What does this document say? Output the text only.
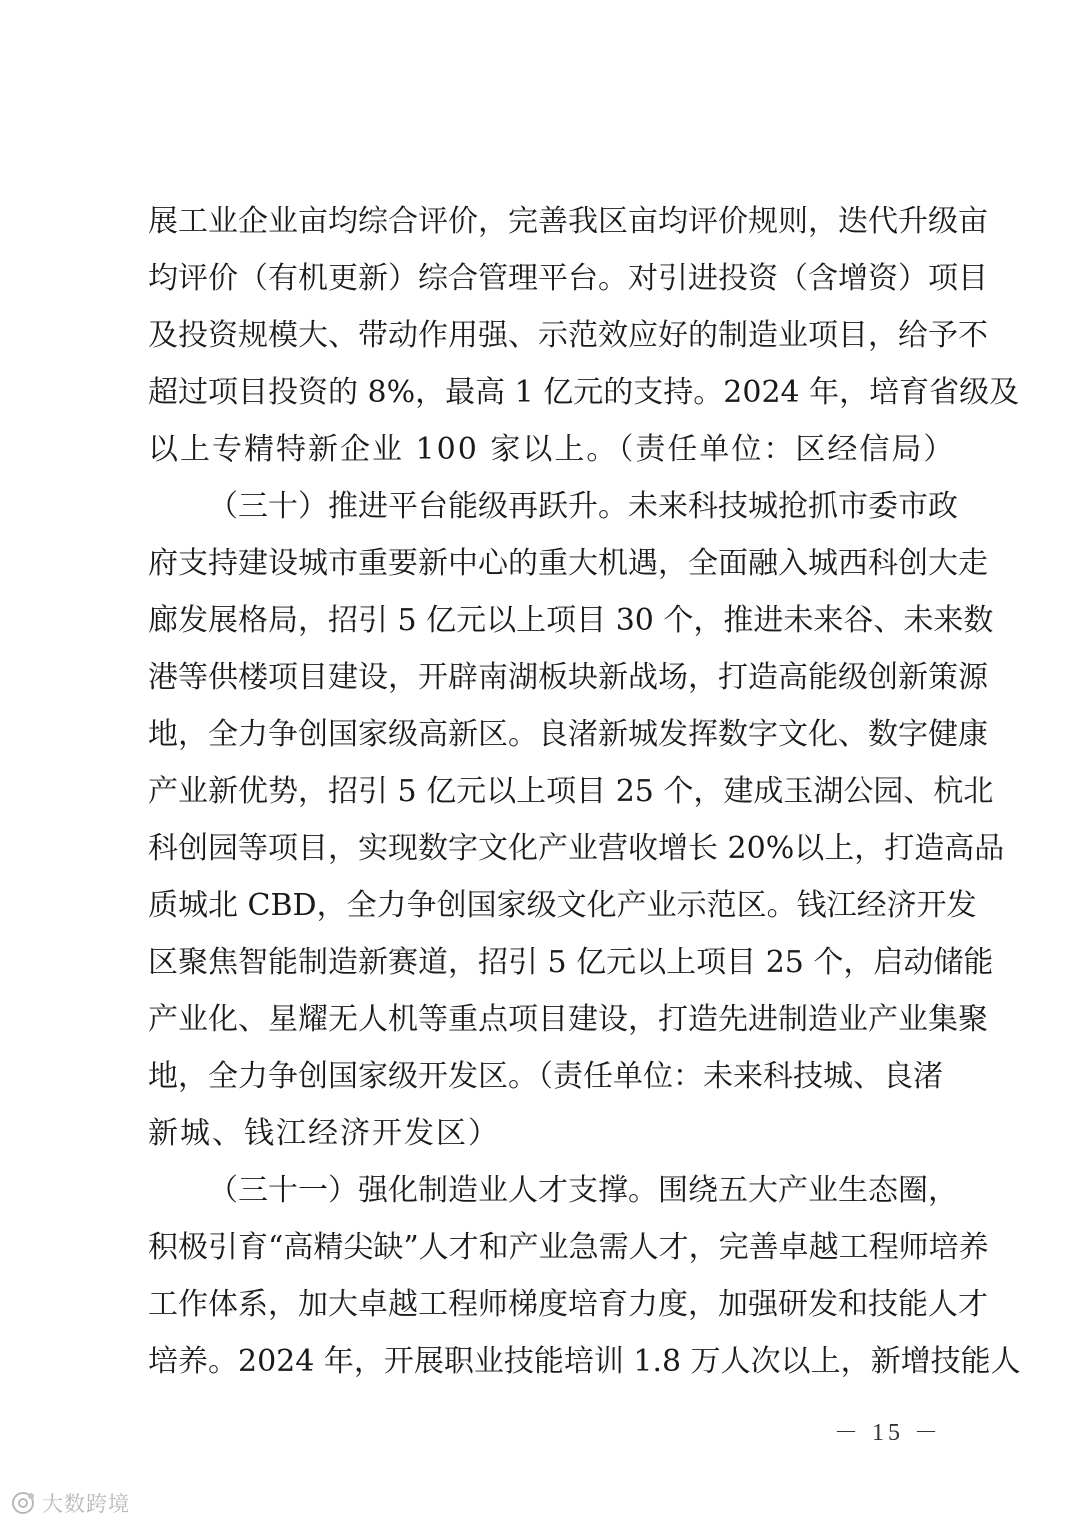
展工业企业亩均综合评价，完善我区亩均评价规则，迭代升级亩
均评价（有机更新）综合管理平台。对引进投资（含增资）项目
及投资规模大、带动作用强、示范效应好的制造业项目，给予不
超过项目投资的 8%，最高 1 亿元的支持。2024 年，培育省级及
以上专精特新企业 100 家以上。（责任单位：区经信局）
（三十）推进平台能级再跃升。未来科技城抢抓市委市政
府支持建设城市重要新中心的重大机遇，全面融入城西科创大走
廊发展格局，招引 5 亿元以上项目 30 个，推进未来谷、未来数
港等供楼项目建设，开辟南湖板块新战场，打造高能级创新策源
地，全力争创国家级高新区。良渚新城发挥数字文化、数字健康
产业新优势，招引 5 亿元以上项目 25 个，建成玉湖公园、杭北
科创园等项目，实现数字文化产业营收增长 20%以上，打造高品
质城北 CBD，全力争创国家级文化产业示范区。钱江经济开发
区聚焦智能制造新赛道，招引 5 亿元以上项目 25 个，启动储能
产业化、星耀无人机等重点项目建设，打造先进制造业产业集聚
地，全力争创国家级开发区。（责任单位：未来科技城、良渚
新城、钱江经济开发区）
（三十一）强化制造业人才支撑。围绕五大产业生态圈，
积极引育“高精尖缺”人才和产业急需人才，完善卓越工程师培养
工作体系，加大卓越工程师梯度培育力度，加强研发和技能人才
培养。2024 年，开展职业技能培训 1.8 万人次以上，新增技能人
－ 15 －
大数跨境
